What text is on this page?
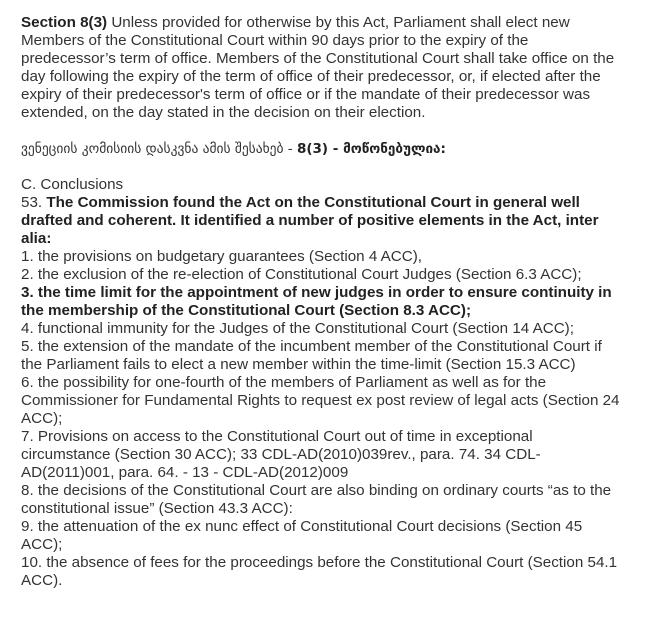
Section 8(3) Unless provided for otherwise by this Act, Parliament shall elect new Members of the Constitutional Court within 90 days prior to the expiry of the predecessor’s term of office. Members of the Constitutional Court shall take office on the day following the expiry of the term of office of their predecessor, or, if elected after the expiry of their predecessor's term of office or if the mandate of their predecessor was extended, on the day stated in the decision on their election.

ვენეციის კომისიის დასკვნა ამის შესახებ - 8(3) - მოწონებულია:

C. Conclusions

53. The Commission found the Act on the Constitutional Court in general well drafted and coherent. It identified a number of positive elements in the Act, inter alia:

1. the provisions on budgetary guarantees (Section 4 ACC),

2. the exclusion of the re-election of Constitutional Court Judges (Section 6.3 ACC);

3. the time limit for the appointment of new judges in order to ensure continuity in the membership of the Constitutional Court (Section 8.3 ACC);

4. functional immunity for the Judges of the Constitutional Court (Section 14 ACC);

5. the extension of the mandate of the incumbent member of the Constitutional Court if the Parliament fails to elect a new member within the time-limit (Section 15.3 ACC)

6. the possibility for one-fourth of the members of Parliament as well as for the Commissioner for Fundamental Rights to request ex post review of legal acts (Section 24 ACC);

7. Provisions on access to the Constitutional Court out of time in exceptional circumstance (Section 30 ACC); 33 CDL-AD(2010)039rev., para. 74. 34 CDL-AD(2011)001, para. 64. - 13 - CDL-AD(2012)009

8. the decisions of the Constitutional Court are also binding on ordinary courts “as to the constitutional issue” (Section 43.3 ACC):

9. the attenuation of the ex nunc effect of Constitutional Court decisions (Section 45 ACC);

10. the absence of fees for the proceedings before the Constitutional Court (Section 54.1 ACC).
